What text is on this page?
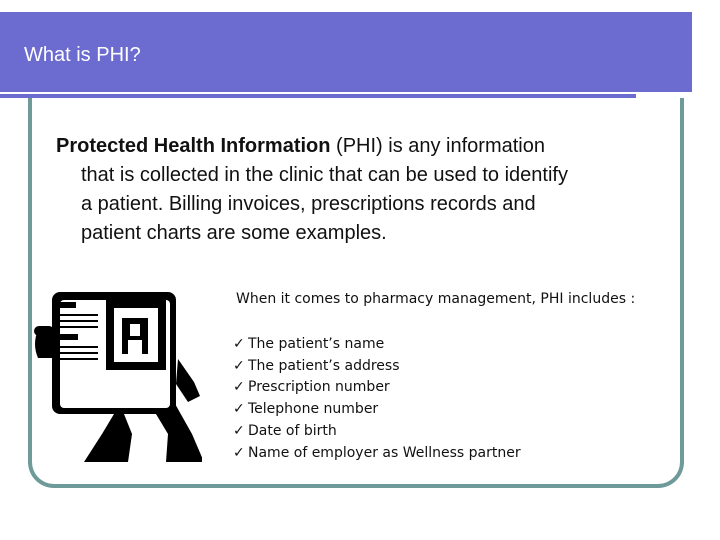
What is PHI?

Protected Health Information (PHI) is any information that is collected in the clinic that can be used to identify a patient. Billing invoices, prescriptions records and patient charts are some examples.

When it comes to pharmacy management, PHI includes :
✓ The patient’s name
✓ The patient’s address
✓ Prescription number
✓ Telephone number
✓ Date of birth
✓ Name of employer as Wellness partner
